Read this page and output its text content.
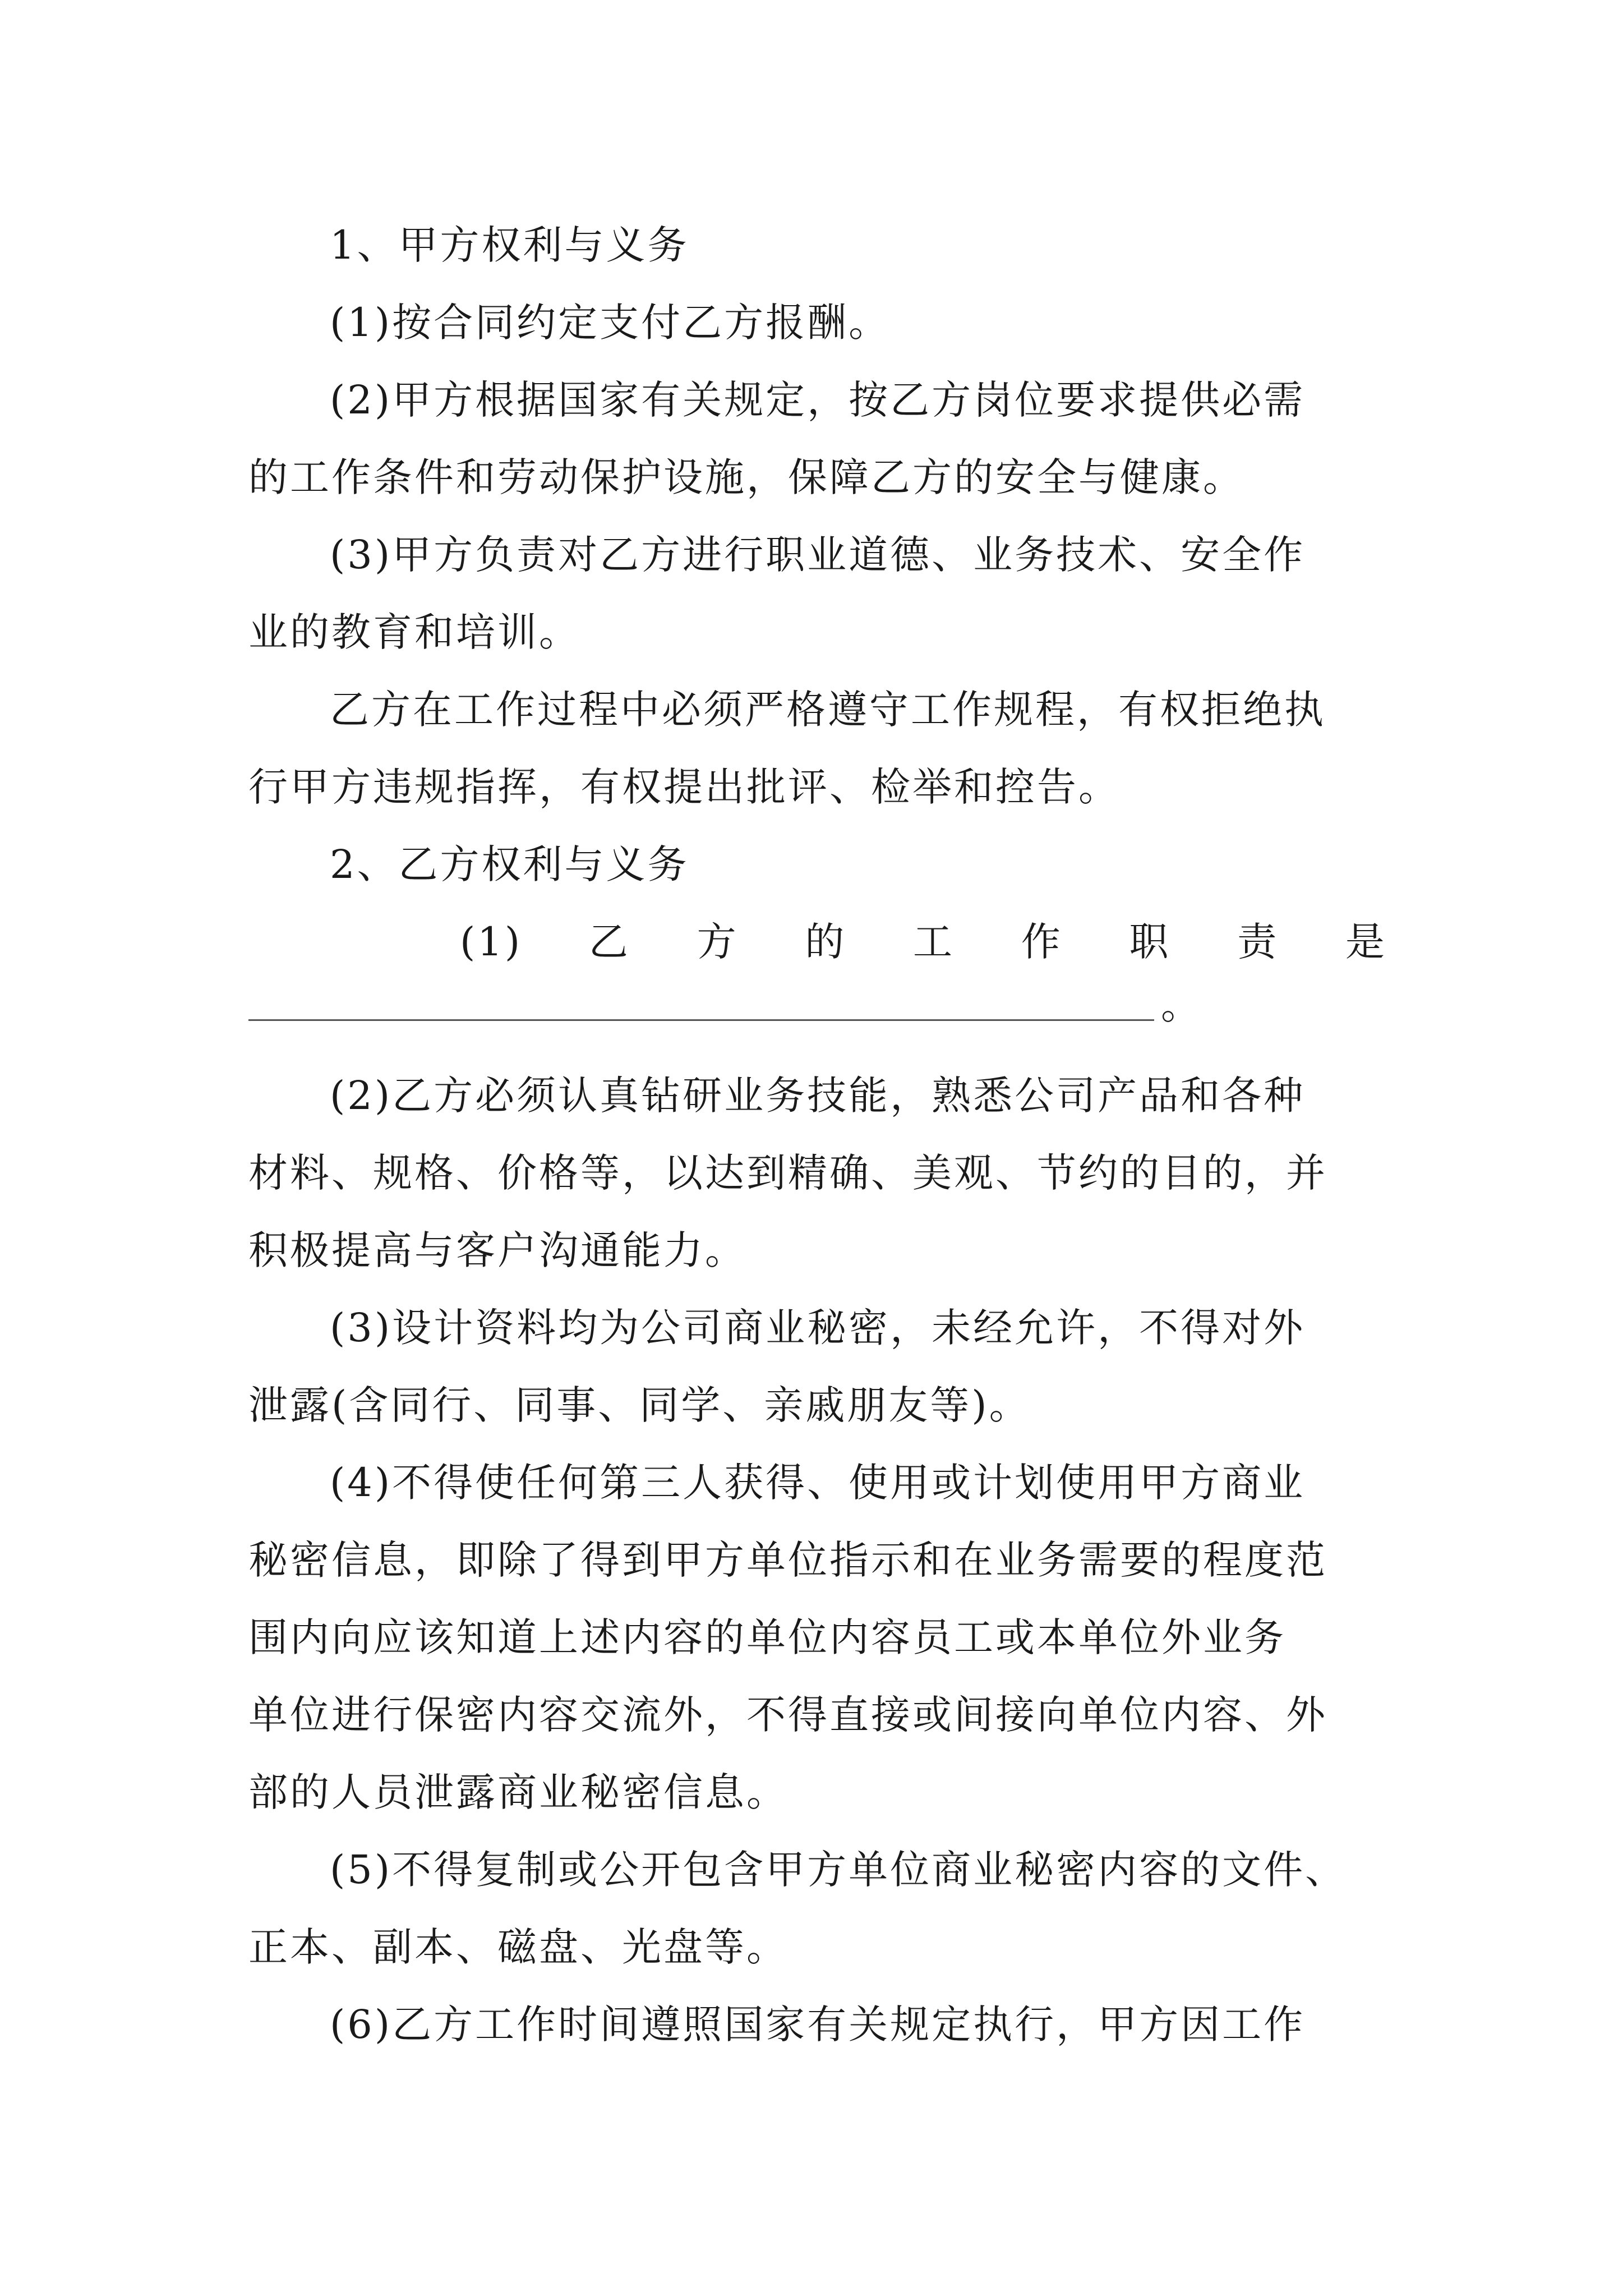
1、甲方权利与义务
(1)按合同约定支付乙方报酬。
(2)甲方根据国家有关规定，按乙方岗位要求提供必需
的工作条件和劳动保护设施，保障乙方的安全与健康。
(3)甲方负责对乙方进行职业道德、业务技术、安全作
业的教育和培训。
乙方在工作过程中必须严格遵守工作规程，有权拒绝执
行甲方违规指挥，有权提出批评、检举和控告。
2、乙方权利与义务
(1) 乙 方 的 工 作 职 责 是
。
(2)乙方必须认真钻研业务技能，熟悉公司产品和各种
材料、规格、价格等，以达到精确、美观、节约的目的，并
积极提高与客户沟通能力。
(3)设计资料均为公司商业秘密，未经允许，不得对外
泄露(含同行、同事、同学、亲戚朋友等)。
(4)不得使任何第三人获得、使用或计划使用甲方商业
秘密信息，即除了得到甲方单位指示和在业务需要的程度范
围内向应该知道上述内容的单位内容员工或本单位外业务
单位进行保密内容交流外，不得直接或间接向单位内容、外
部的人员泄露商业秘密信息。
(5)不得复制或公开包含甲方单位商业秘密内容的文件、
正本、副本、磁盘、光盘等。
(6)乙方工作时间遵照国家有关规定执行，甲方因工作
